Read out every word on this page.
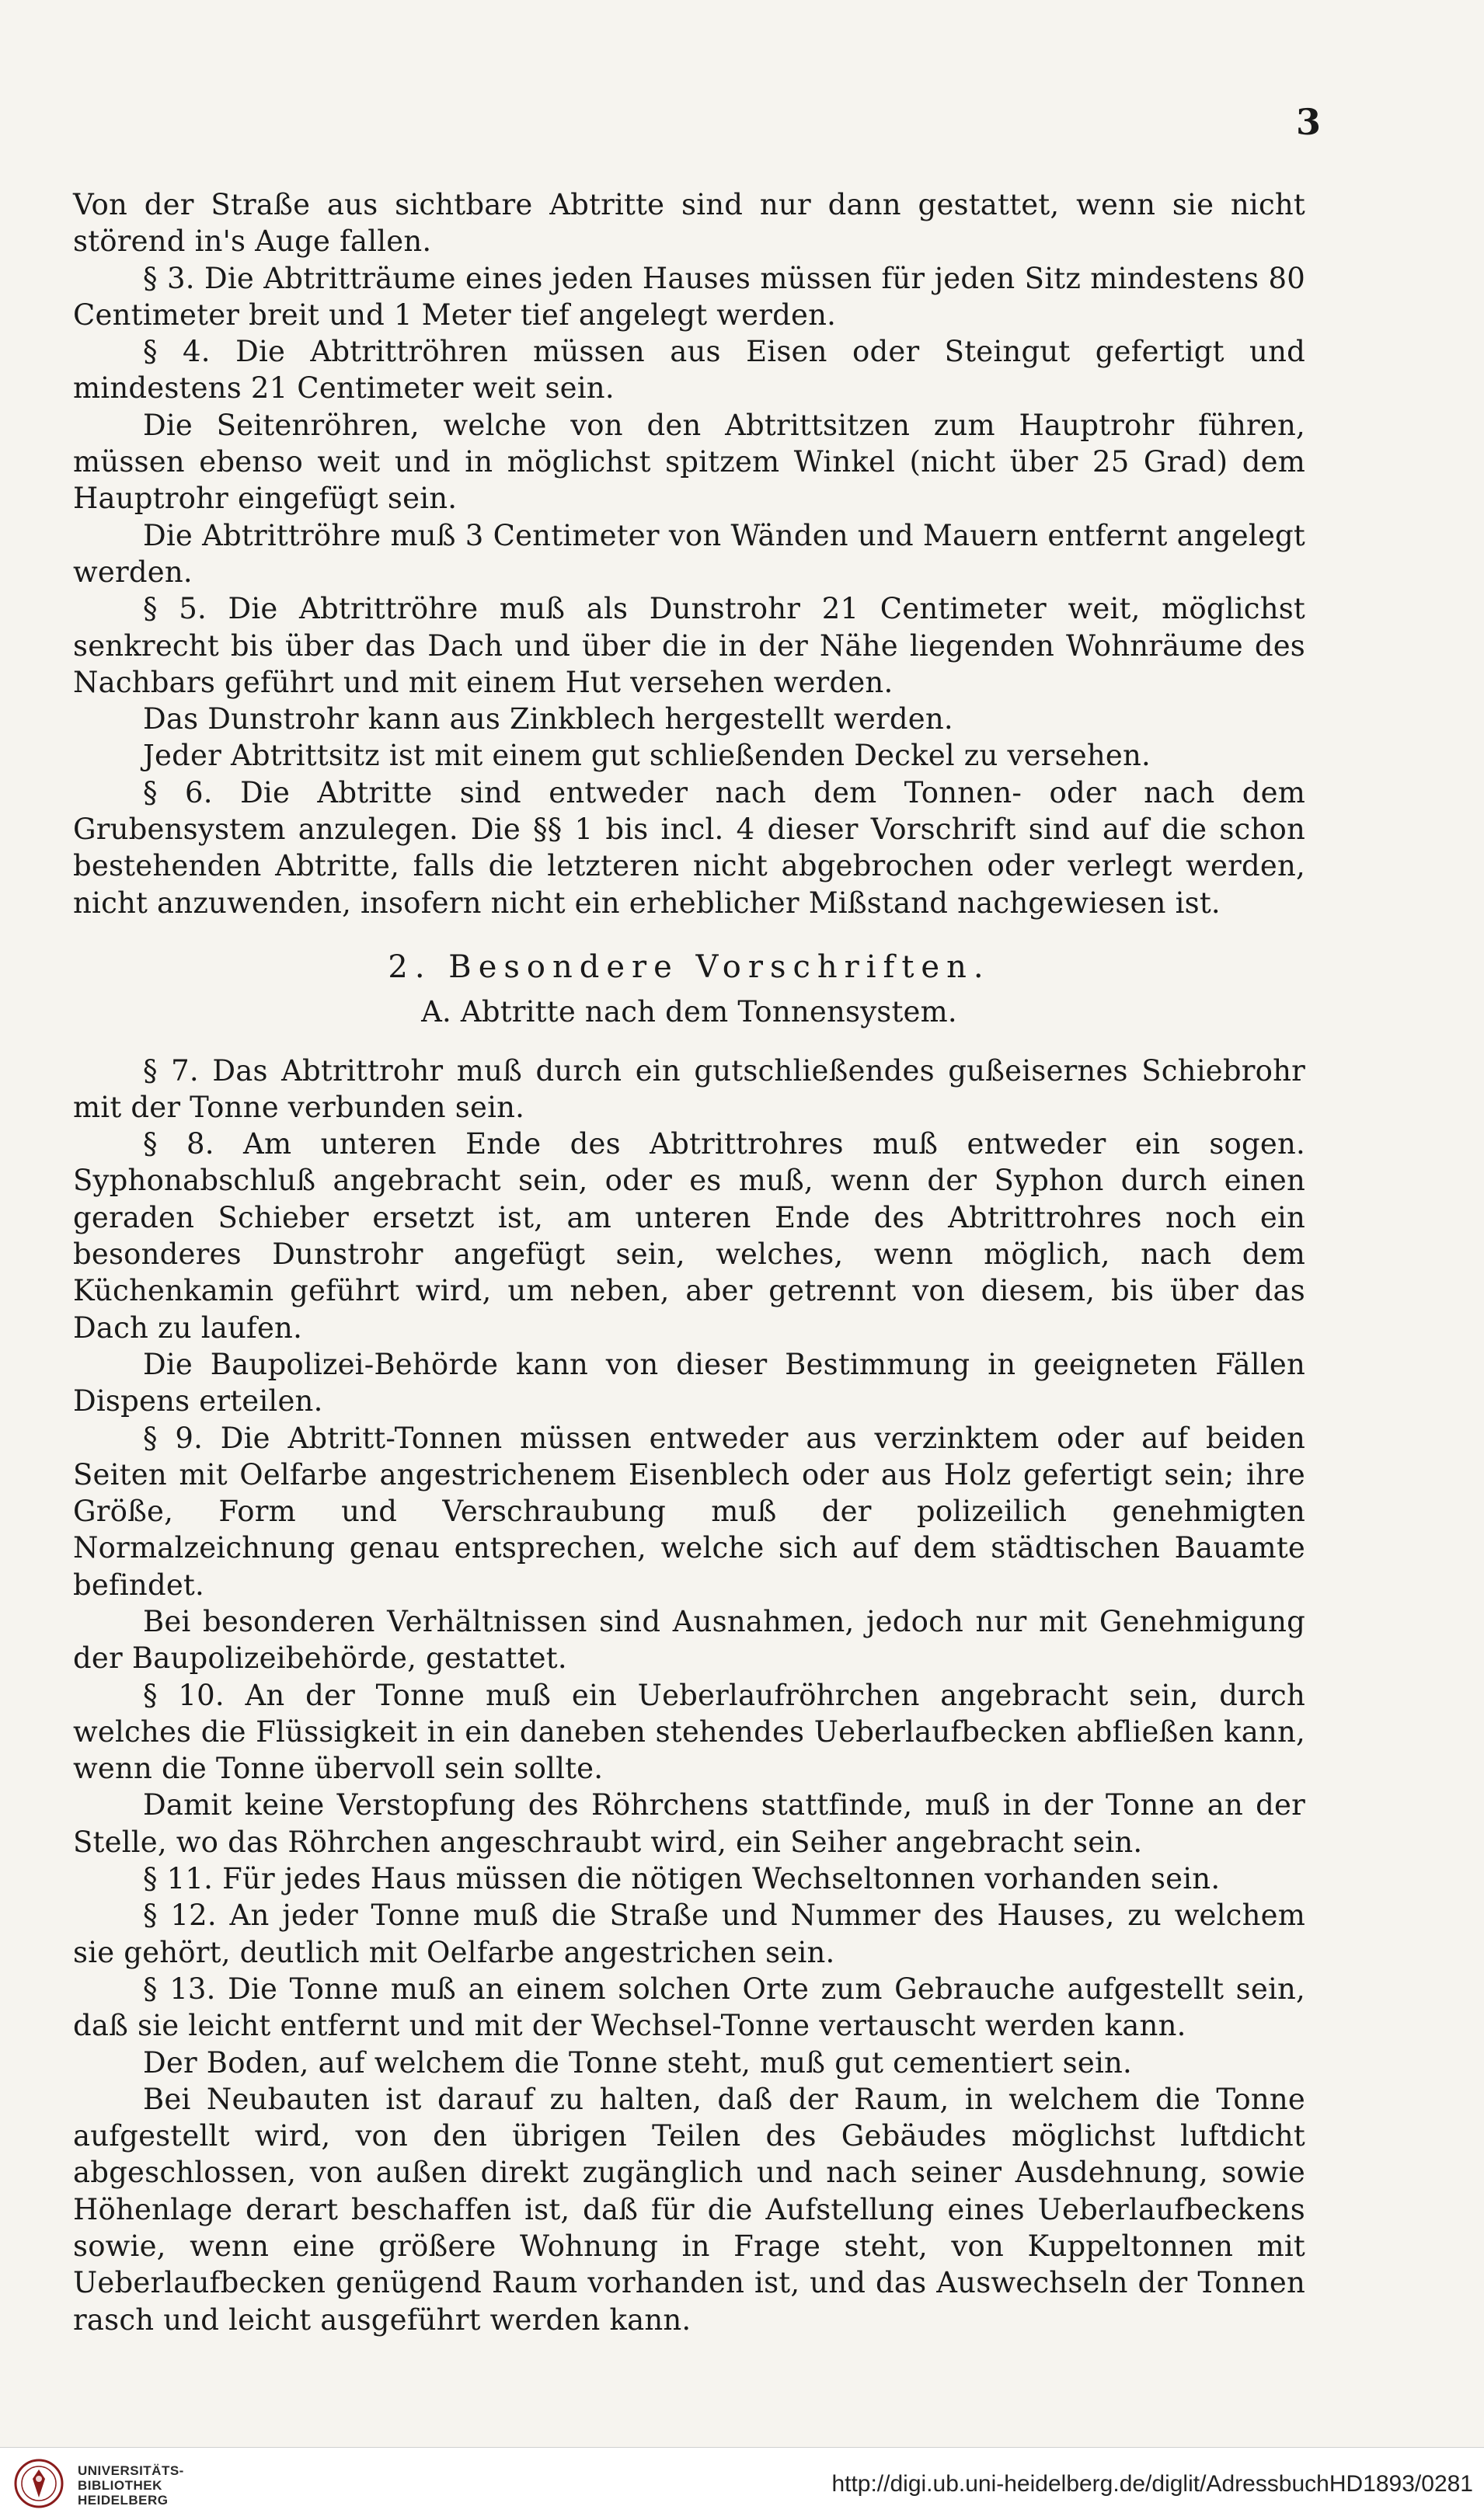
3

Von der Straße aus sichtbare Abtritte sind nur dann gestattet, wenn sie nicht störend in's Auge fallen.

§ 3. Die Abtritträume eines jeden Hauses müssen für jeden Sitz mindestens 80 Centimeter breit und 1 Meter tief angelegt werden.

§ 4. Die Abtrittröhren müssen aus Eisen oder Steingut gefertigt und mindestens 21 Centimeter weit sein.

Die Seitenröhren, welche von den Abtrittsitzen zum Hauptrohr führen, müssen ebenso weit und in möglichst spitzem Winkel (nicht über 25 Grad) dem Hauptrohr eingefügt sein.

Die Abtrittröhre muß 3 Centimeter von Wänden und Mauern entfernt angelegt werden.

§ 5. Die Abtrittröhre muß als Dunstrohr 21 Centimeter weit, möglichst senkrecht bis über das Dach und über die in der Nähe liegenden Wohnräume des Nachbars geführt und mit einem Hut versehen werden.

Das Dunstrohr kann aus Zinkblech hergestellt werden.

Jeder Abtrittsitz ist mit einem gut schließenden Deckel zu versehen.

§ 6. Die Abtritte sind entweder nach dem Tonnen- oder nach dem Grubensystem anzulegen. Die §§ 1 bis incl. 4 dieser Vorschrift sind auf die schon bestehenden Abtritte, falls die letzteren nicht abgebrochen oder verlegt werden, nicht anzuwenden, insofern nicht ein erheblicher Mißstand nachgewiesen ist.

2. Besondere Vorschriften.

A. Abtritte nach dem Tonnensystem.

§ 7. Das Abtrittrohr muß durch ein gutschließendes gußeisernes Schiebrohr mit der Tonne verbunden sein.

§ 8. Am unteren Ende des Abtrittrohres muß entweder ein sogen. Syphonabschluß angebracht sein, oder es muß, wenn der Syphon durch einen geraden Schieber ersetzt ist, am unteren Ende des Abtrittrohres noch ein besonderes Dunstrohr angefügt sein, welches, wenn möglich, nach dem Küchenkamin geführt wird, um neben, aber getrennt von diesem, bis über das Dach zu laufen.

Die Baupolizei-Behörde kann von dieser Bestimmung in geeigneten Fällen Dispens erteilen.

§ 9. Die Abtritt-Tonnen müssen entweder aus verzinktem oder auf beiden Seiten mit Oelfarbe angestrichenem Eisenblech oder aus Holz gefertigt sein; ihre Größe, Form und Verschraubung muß der polizeilich genehmigten Normalzeichnung genau entsprechen, welche sich auf dem städtischen Bauamte befindet.

Bei besonderen Verhältnissen sind Ausnahmen, jedoch nur mit Genehmigung der Baupolizeibehörde, gestattet.

§ 10. An der Tonne muß ein Ueberlaufröhrchen angebracht sein, durch welches die Flüssigkeit in ein daneben stehendes Ueberlaufbecken abfließen kann, wenn die Tonne übervoll sein sollte.

Damit keine Verstopfung des Röhrchens stattfinde, muß in der Tonne an der Stelle, wo das Röhrchen angeschraubt wird, ein Seiher angebracht sein.

§ 11. Für jedes Haus müssen die nötigen Wechseltonnen vorhanden sein.

§ 12. An jeder Tonne muß die Straße und Nummer des Hauses, zu welchem sie gehört, deutlich mit Oelfarbe angestrichen sein.

§ 13. Die Tonne muß an einem solchen Orte zum Gebrauche aufgestellt sein, daß sie leicht entfernt und mit der Wechsel-Tonne vertauscht werden kann.

Der Boden, auf welchem die Tonne steht, muß gut cementiert sein.

Bei Neubauten ist darauf zu halten, daß der Raum, in welchem die Tonne aufgestellt wird, von den übrigen Teilen des Gebäudes möglichst luftdicht abgeschlossen, von außen direkt zugänglich und nach seiner Ausdehnung, sowie Höhenlage derart beschaffen ist, daß für die Aufstellung eines Ueberlaufbeckens sowie, wenn eine größere Wohnung in Frage steht, von Kuppeltonnen mit Ueberlaufbecken genügend Raum vorhanden ist, und das Auswechseln der Tonnen rasch und leicht ausgeführt werden kann.

UNIVERSITÄTS-
BIBLIOTHEK
HEIDELBERG
http://digi.ub.uni-heidelberg.de/diglit/AdressbuchHD1893/0281
